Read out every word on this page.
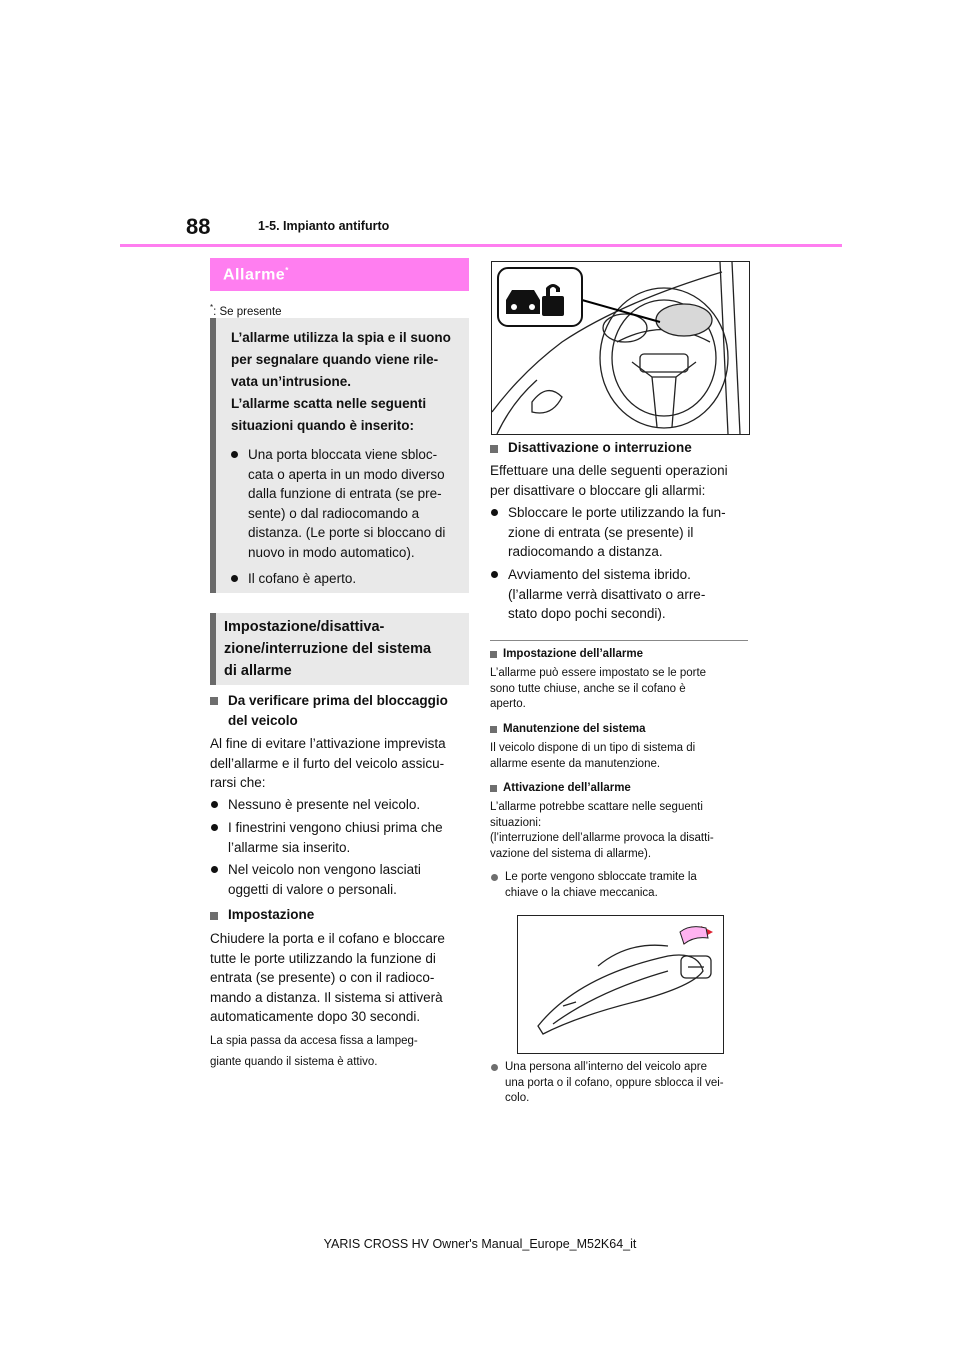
88	1-5. Impianto antifurto
Allarme*
*: Se presente
L’allarme utilizza la spia e il suono
per segnalare quando viene rile-
vata un’intrusione.
L’allarme scatta nelle seguenti
situazioni quando è inserito:
Una porta bloccata viene sbloc-
cata o aperta in un modo diverso
dalla funzione di entrata (se pre-
sente) o dal radiocomando a
distanza. (Le porte si bloccano di
nuovo in modo automatico).
Il cofano è aperto.
Impostazione/disattiva-
zione/interruzione del sistema
di allarme
Da verificare prima del bloccaggio
del veicolo
Al fine di evitare l’attivazione imprevista
dell’allarme e il furto del veicolo assicu-
rarsi che:
Nessuno è presente nel veicolo.
I finestrini vengono chiusi prima che
l’allarme sia inserito.
Nel veicolo non vengono lasciati
oggetti di valore o personali.
Impostazione
Chiudere la porta e il cofano e bloccare
tutte le porte utilizzando la funzione di
entrata (se presente) o con il radioco-
mando a distanza. Il sistema si attiverà
automaticamente dopo 30 secondi.
La spia passa da accesa fissa a lampeg-
giante quando il sistema è attivo.
Disattivazione o interruzione
Effettuare una delle seguenti operazioni
per disattivare o bloccare gli allarmi:
Sbloccare le porte utilizzando la fun-
zione di entrata (se presente) il
radiocomando a distanza.
Avviamento del sistema ibrido.
(l’allarme verrà disattivato o arre-
stato dopo pochi secondi).
Impostazione dell’allarme
L’allarme può essere impostato se le porte
sono tutte chiuse, anche se il cofano è
aperto.
Manutenzione del sistema
Il veicolo dispone di un tipo di sistema di
allarme esente da manutenzione.
Attivazione dell’allarme
L’allarme potrebbe scattare nelle seguenti
situazioni:
(l’interruzione dell’allarme provoca la disatti-
vazione del sistema di allarme).
Le porte vengono sbloccate tramite la
chiave o la chiave meccanica.
Una persona all’interno del veicolo apre
una porta o il cofano, oppure sblocca il vei-
colo.
YARIS CROSS HV Owner's Manual_Europe_M52K64_it
